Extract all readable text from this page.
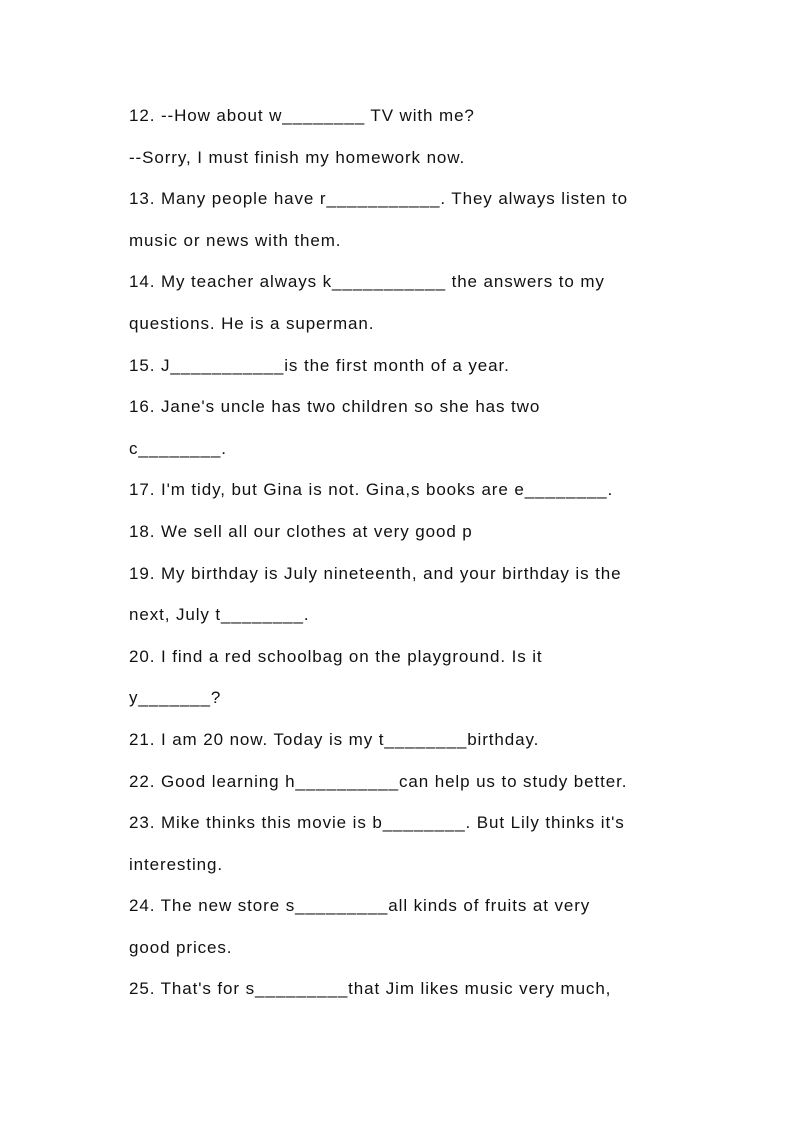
12. --How about w________ TV with me?
--Sorry, I must finish my homework now.
13. Many people have r___________. They always listen to
music or news with them.
14. My teacher always k___________ the answers to my
questions. He is a superman.
15. J___________is the first month of a year.
16. Jane's uncle has two children so she has two
c________.
17. I'm tidy, but Gina is not. Gina,s books are e________.
18. We sell all our clothes at very good p
19. My birthday is July nineteenth, and your birthday is the
next, July t________.
20. I find a red schoolbag on the playground. Is it
y_______?
21. I am 20 now. Today is my t________birthday.
22. Good learning h__________can help us to study better.
23. Mike thinks this movie is b________. But Lily thinks it's
interesting.
24. The new store s_________all kinds of fruits at very
good prices.
25. That's for s_________that Jim likes music very much,
